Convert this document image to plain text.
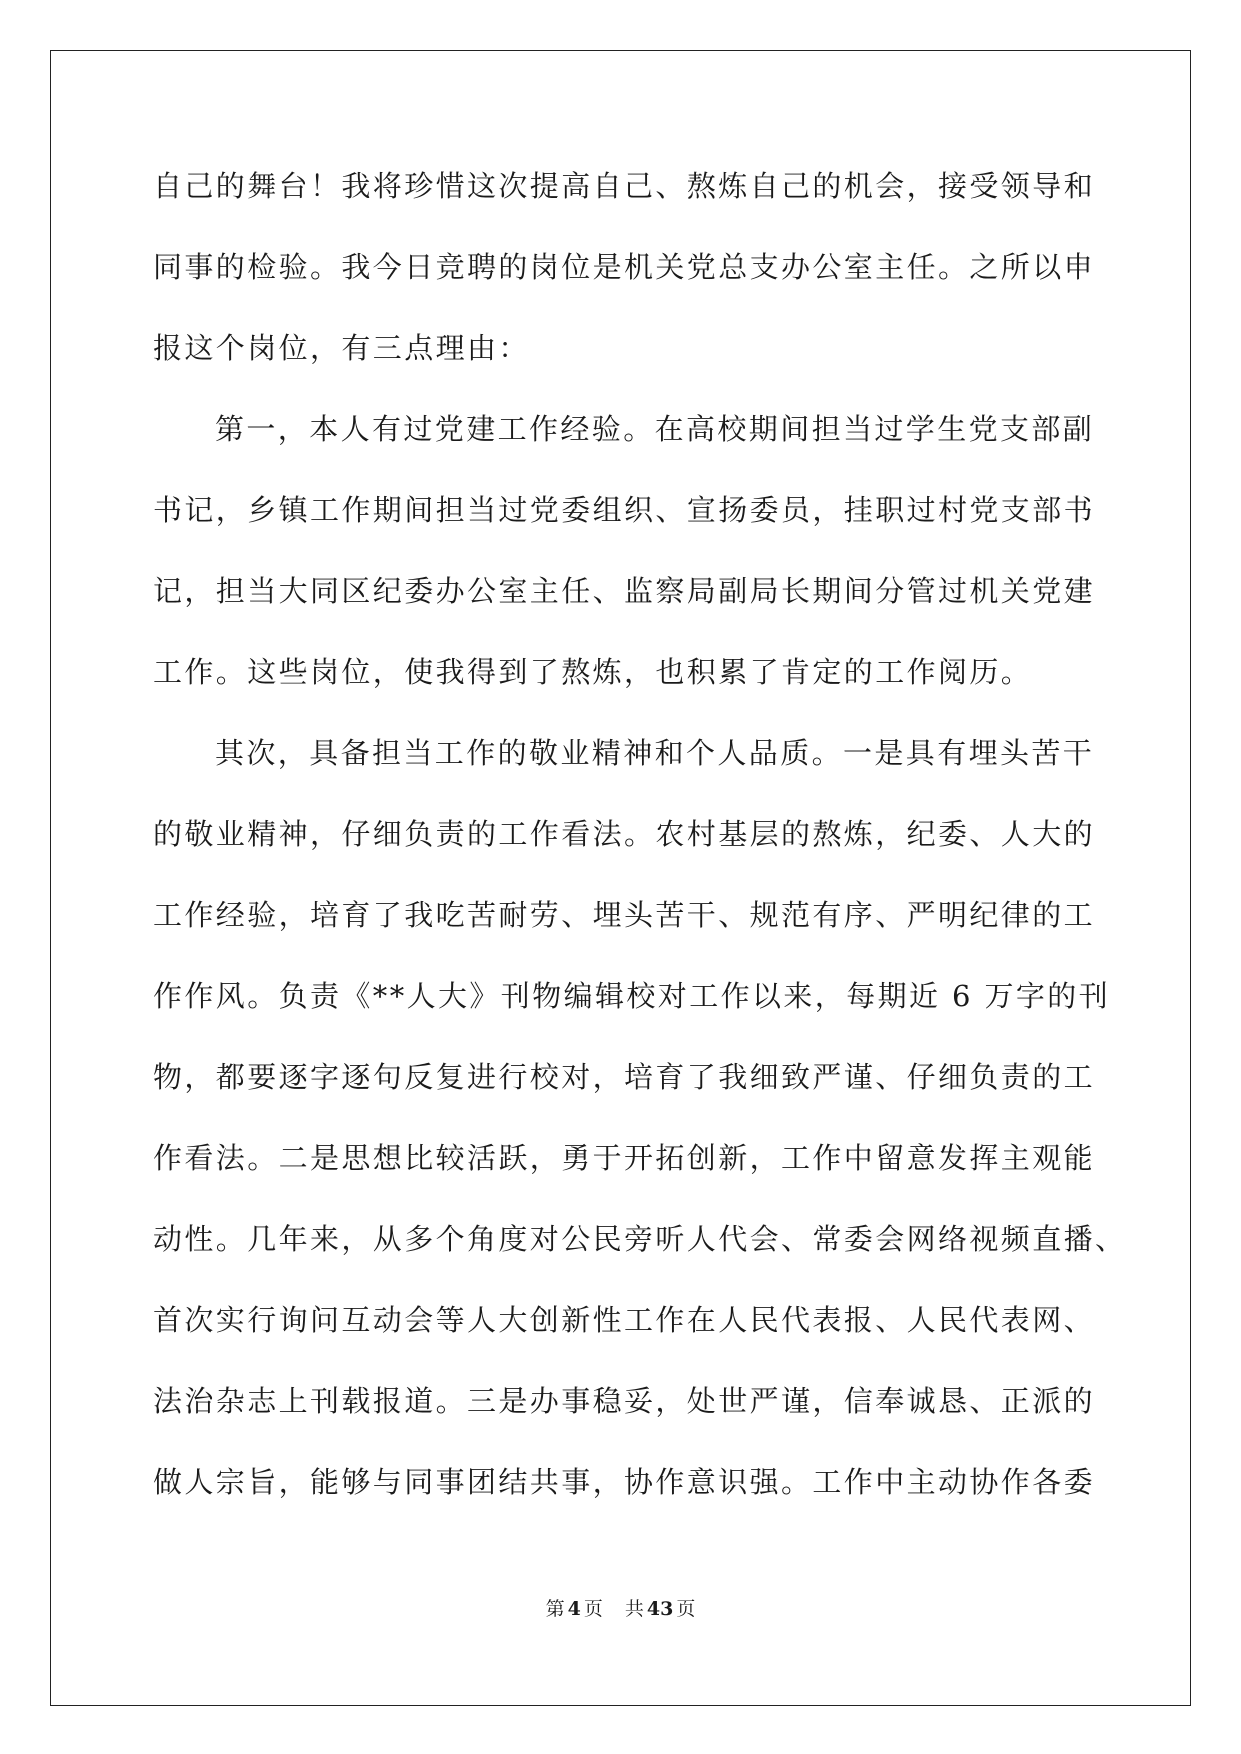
自己的舞台！我将珍惜这次提高自己、熬炼自己的机会，接受领导和
同事的检验。我今日竞聘的岗位是机关党总支办公室主任。之所以申
报这个岗位，有三点理由：
第一，本人有过党建工作经验。在高校期间担当过学生党支部副
书记，乡镇工作期间担当过党委组织、宣扬委员，挂职过村党支部书
记，担当大同区纪委办公室主任、监察局副局长期间分管过机关党建
工作。这些岗位，使我得到了熬炼，也积累了肯定的工作阅历。
其次，具备担当工作的敬业精神和个人品质。一是具有埋头苦干
的敬业精神，仔细负责的工作看法。农村基层的熬炼，纪委、人大的
工作经验，培育了我吃苦耐劳、埋头苦干、规范有序、严明纪律的工
作作风。负责《**人大》刊物编辑校对工作以来，每期近 6 万字的刊
物，都要逐字逐句反复进行校对，培育了我细致严谨、仔细负责的工
作看法。二是思想比较活跃，勇于开拓创新，工作中留意发挥主观能
动性。几年来，从多个角度对公民旁听人代会、常委会网络视频直播、
首次实行询问互动会等人大创新性工作在人民代表报、人民代表网、
法治杂志上刊载报道。三是办事稳妥，处世严谨，信奉诚恳、正派的
做人宗旨，能够与同事团结共事，协作意识强。工作中主动协作各委
第 4 页 共 43 页
